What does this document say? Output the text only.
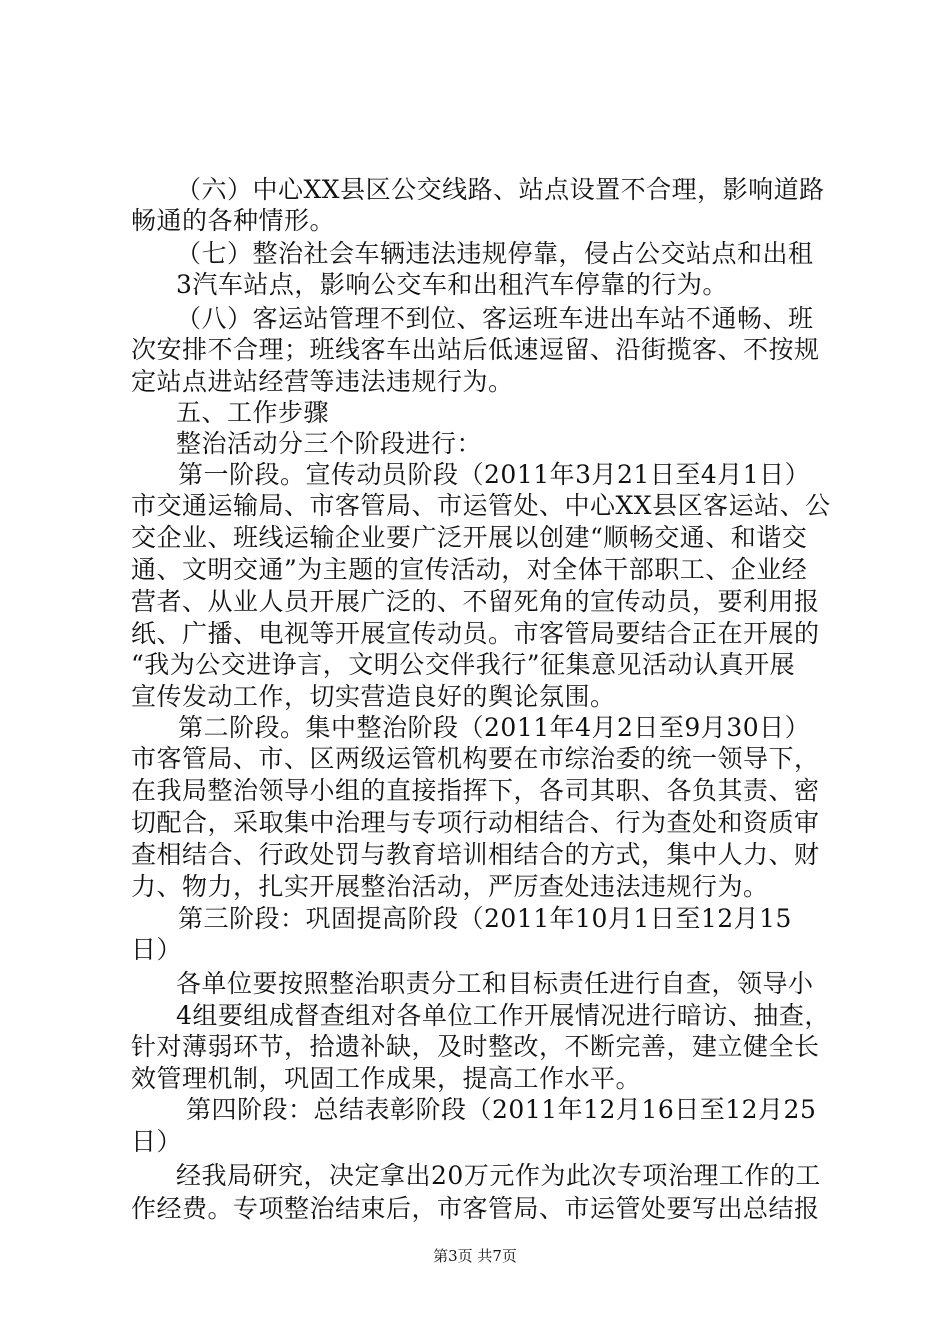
（六）中心XX县区公交线路、站点设置不合理，影响道路
畅通的各种情形。
（七）整治社会车辆违法违规停靠，侵占公交站点和出租
3汽车站点，影响公交车和出租汽车停靠的行为。
（八）客运站管理不到位、客运班车进出车站不通畅、班
次安排不合理；班线客车出站后低速逗留、沿街揽客、不按规
定站点进站经营等违法违规行为。
五、工作步骤
整治活动分三个阶段进行：
第一阶段。宣传动员阶段（2011年3月21日至4月1日）
市交通运输局、市客管局、市运管处、中心XX县区客运站、公
交企业、班线运输企业要广泛开展以创建“顺畅交通、和谐交
通、文明交通”为主题的宣传活动，对全体干部职工、企业经
营者、从业人员开展广泛的、不留死角的宣传动员，要利用报
纸、广播、电视等开展宣传动员。市客管局要结合正在开展的
“我为公交进诤言，文明公交伴我行”征集意见活动认真开展
宣传发动工作，切实营造良好的舆论氛围。
第二阶段。集中整治阶段（2011年4月2日至9月30日）
市客管局、市、区两级运管机构要在市综治委的统一领导下，
在我局整治领导小组的直接指挥下，各司其职、各负其责、密
切配合，采取集中治理与专项行动相结合、行为查处和资质审
查相结合、行政处罚与教育培训相结合的方式，集中人力、财
力、物力，扎实开展整治活动，严厉查处违法违规行为。
第三阶段：巩固提高阶段（2011年10月1日至12月15
日）
各单位要按照整治职责分工和目标责任进行自查，领导小
4组要组成督查组对各单位工作开展情况进行暗访、抽查，
针对薄弱环节，拾遗补缺，及时整改，不断完善，建立健全长
效管理机制，巩固工作成果，提高工作水平。
第四阶段：总结表彰阶段（2011年12月16日至12月25
日）
经我局研究，决定拿出20万元作为此次专项治理工作的工
作经费。专项整治结束后，市客管局、市运管处要写出总结报
第3页 共7页
